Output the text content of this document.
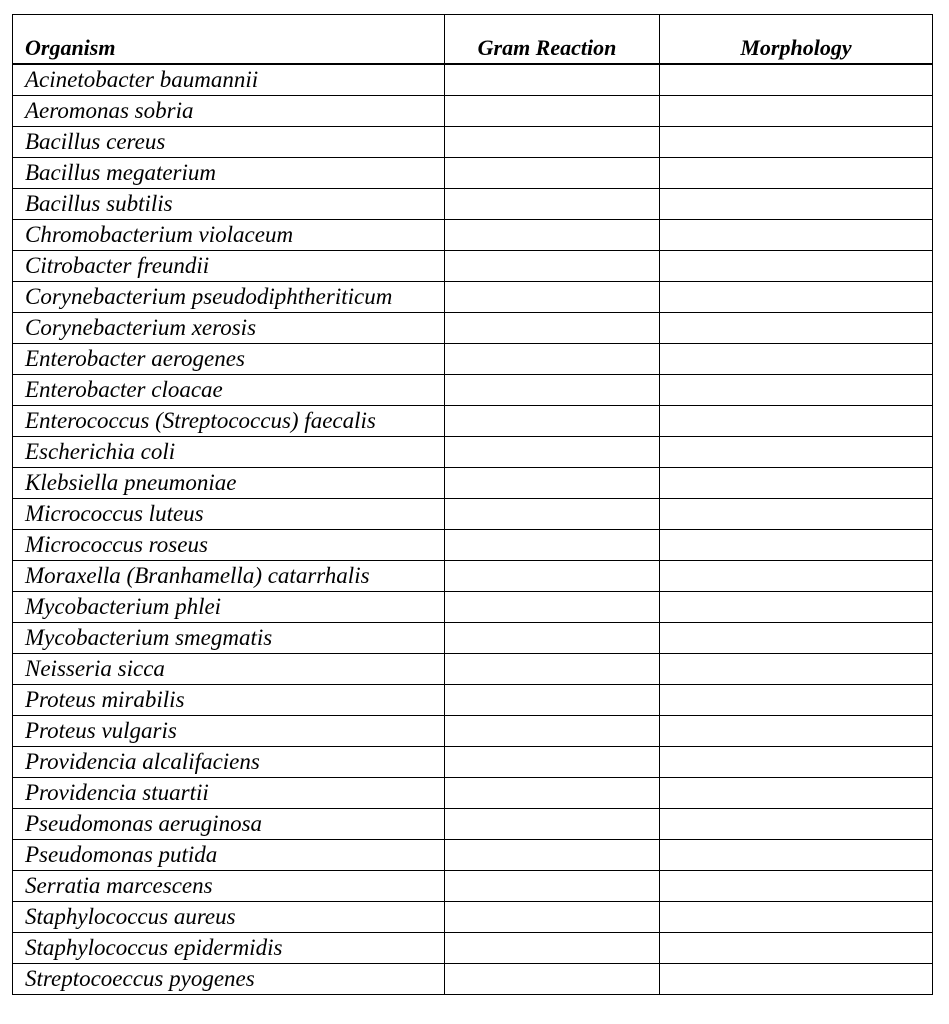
Organism	Gram Reaction	Morphology
Acinetobacter baumannii		
Aeromonas sobria		
Bacillus cereus		
Bacillus megaterium		
Bacillus subtilis		
Chromobacterium violaceum		
Citrobacter freundii		
Corynebacterium pseudodiphtheriticum		
Corynebacterium xerosis		
Enterobacter aerogenes		
Enterobacter cloacae		
Enterococcus (Streptococcus) faecalis		
Escherichia coli		
Klebsiella pneumoniae		
Micrococcus luteus		
Micrococcus roseus		
Moraxella (Branhamella) catarrhalis		
Mycobacterium phlei		
Mycobacterium smegmatis		
Neisseria sicca		
Proteus mirabilis		
Proteus vulgaris		
Providencia alcalifaciens		
Providencia stuartii		
Pseudomonas aeruginosa		
Pseudomonas putida		
Serratia marcescens		
Staphylococcus aureus		
Staphylococcus epidermidis		
Streptocoeccus pyogenes		
